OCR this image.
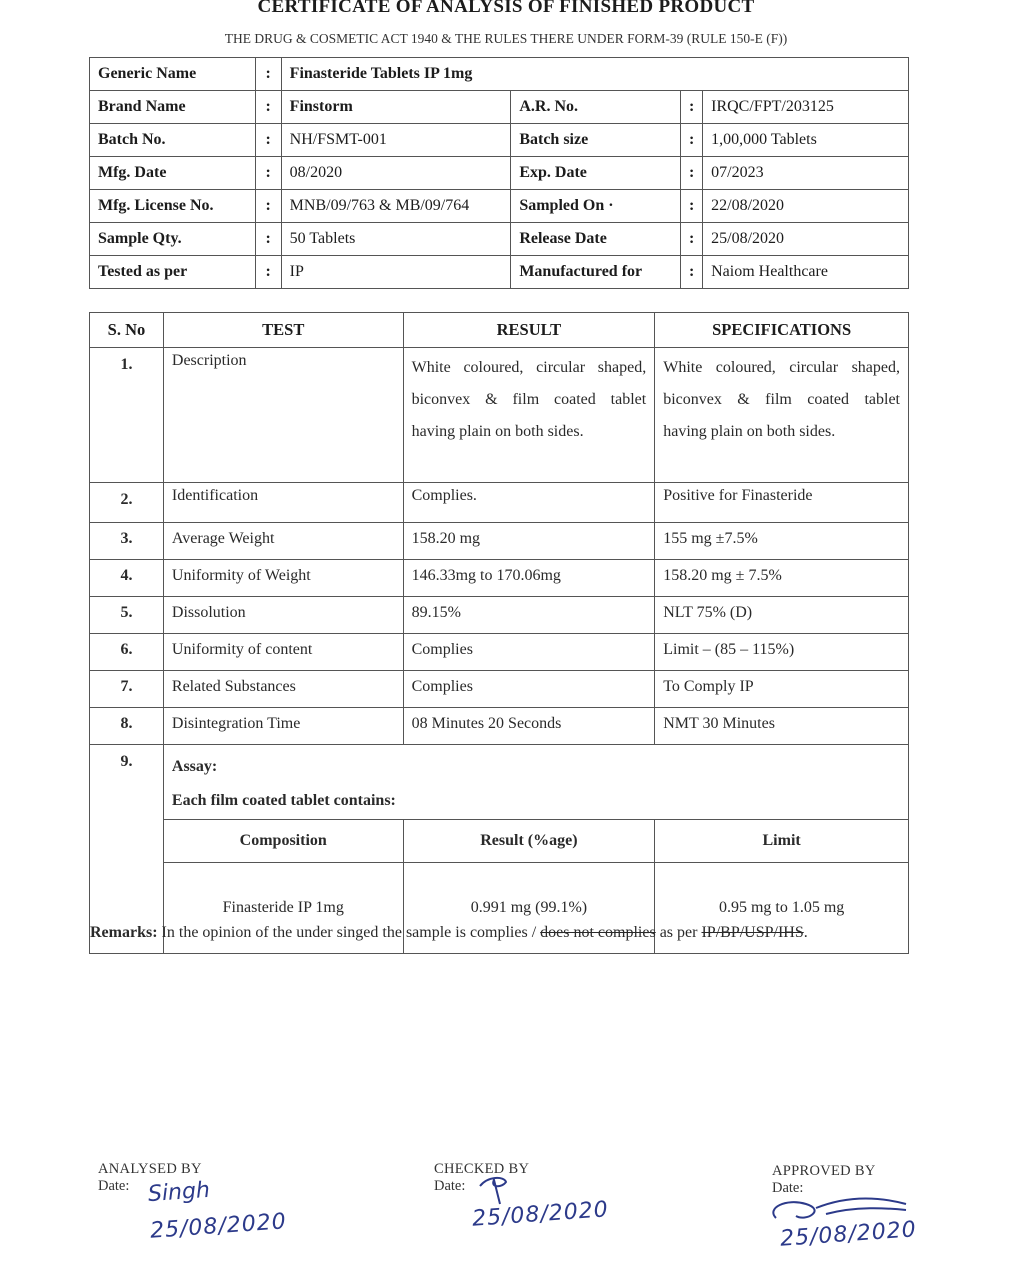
CERTIFICATE OF ANALYSIS OF FINISHED PRODUCT
THE DRUG & COSMETIC ACT 1940 & THE RULES THERE UNDER FORM-39 (RULE 150-E (F))
Generic Name	:	Finasteride Tablets IP 1mg			
Brand Name	:	Finstorm	A.R. No.	:	IRQC/FPT/203125
Batch No.	:	NH/FSMT-001	Batch size	:	1,00,000 Tablets
Mfg. Date	:	08/2020	Exp. Date	:	07/2023
Mfg. License No.	:	MNB/09/763 & MB/09/764	Sampled On ·	:	22/08/2020
Sample Qty.	:	50 Tablets	Release Date	:	25/08/2020
Tested as per	:	IP	Manufactured for	:	Naiom Healthcare
S. No	TEST	RESULT	SPECIFICATIONS
1.	Description	White coloured, circular shaped, biconvex & film coated tablet having plain on both sides.	White coloured, circular shaped, biconvex & film coated tablet having plain on both sides.
2.	Identification	Complies.	Positive for Finasteride
3.	Average Weight	158.20 mg	155 mg ±7.5%
4.	Uniformity of Weight	146.33mg to 170.06mg	158.20 mg ± 7.5%
5.	Dissolution	89.15%	NLT 75% (D)
6.	Uniformity of content	Complies	Limit – (85 – 115%)
7.	Related Substances	Complies	To Comply IP
8.	Disintegration Time	08 Minutes 20 Seconds	NMT 30 Minutes
9.	Assay:
Each film coated tablet contains:		

	Composition	Result (%age)	Limit
	Finasteride IP 1mg	0.991 mg (99.1%)	0.95 mg to 1.05 mg
Remarks: In the opinion of the under singed the sample is complies / does not complies as per IP/BP/USP/IHS.
ANALYSED BY
Date: Singh
25/08/2020
CHECKED BY
Date:
25/08/2020
APPROVED BY
Date:
25/08/2020
